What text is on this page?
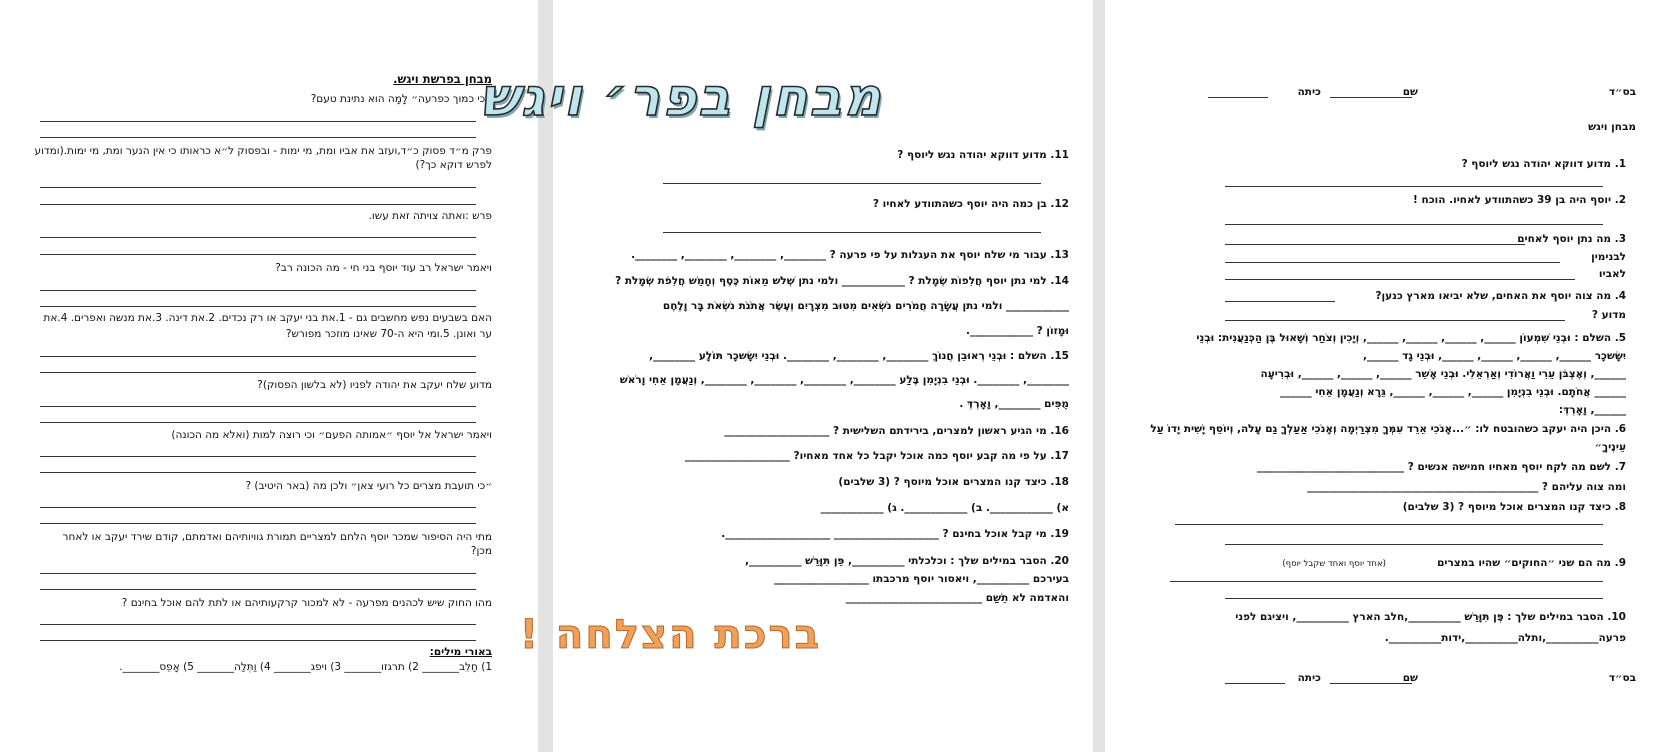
מבחן בפרשת ויגש.
״כי כמוך כפרעה״ לָמָה הוא נתינת טעם?
פרק מ״ד פסוק כ״ד,ועזב את אביו ומת, מי ימות - ובפסוק ל״א כראותו כי אין הנער ומת, מי ימות.(ומדוע
לפרש דוקא כך?)
פרש :ואתה צויתה זאת עשו.
ויאמר ישראל רב עוד יוסף בני חי - מה הכונה רב?
האם בשבעים נפש מחשבים גם - 1.את בני יעקב או רק נכדים. 2.את דינה. 3.את מנשה ואפרים. 4.את
ער ואונן. 5.ומי היא ה-70 שאינו מוזכר מפורש?
מדוע שלח יעקב את יהודה לפניו (לא בלשון הפסוק)?
ויאמר ישראל אל יוסף ״אמותה הפעם״ וכי רוצה למות (ואלא מה הכונה)
״כי תועבת מצרים כל רועי צאן״ ולכן מה (באר היטיב) ?
מתי היה הסיפור שמכר יוסף הלחם למצריים תמורת גוויותיהם ואדמתם, קודם שירד יעקב או לאחר
מכן?
מהו החוק שיש לכהנים מפרעה - לא למכור קרקעותיהם או לתת להם אוכל בחינם ?
באורי מילים:
1) חָלֵב_______ 2) תרגזו_______ 3) ויפג_______ 4) וַתְּלַה_______ 5) אָפֵס_______.
מבחן בפר׳ ויגש
11. מדוע דווקא יהודה נגש ליוסף ?
12. בן כמה היה יוסף כשהתוודע לאחיו ?
13. עבור מי שלח יוסף את העגלות על פי פרעה ? ________, ________, ________, ________.
14. למי נתן יוסף חֲלִפוֹת שְׂמָלֹת ? ____________ ולמי נתן שְׁלֹשׁ מֵאוֹת כֶּסֶף וְחָמֵשׁ חֲלִפֹת שְׂמָלֹת ?
____________ ולמי נתן עֲשָׂרָה חֲמֹרִים נֹשְׂאִים מִטּוּב מִצְרָיִם וְעֶשֶׂר אֲתֹנֹת נֹשְׂאֹת בָּר וָלֶחֶם
וּמָזוֹן ? ____________.
15. השלם : וּבְנֵי רְאוּבֵן חֲנוֹךְ ________, ________, ________. וּבְנֵי יִשָּׂשכָר תּוֹלָע ________,
________, ________. וּבְנֵי בִנְיָמִן בֶּלַע ________, ________, ________, ________, וְנַעֲמָן אֵחִי וָרֹאשׁ
מֻפִּים ________, וָאָרְדְּ .
16. מי הגיע ראשון למצרים, בירידתם השלישית ? ____________________
17. על פי מה קבע יוסף כמה אוכל יקבל כל אחד מאחיו? ____________________
18. כיצד קנו המצרים אוכל מיוסף ? (3 שלבים)
א) ____________. ב) ____________. ג) ____________
19. מי קבל אוכל בחינם ? ____________________ ____________________.
20. הסבר במילים שלך : וכלכלתי __________, פֵּן תִּוָּרֵשׁ __________,
בעירכם __________, ויאסור יוסף מרכבתו __________________
והאדמה לא תֵשַׁם __________________________
ברכת הצלחה !
בס״ד
שם
כיתה
מבחן ויגש
1. מדוע דווקא יהודה נגש ליוסף ?
2. יוסף היה בן 39 כשהתוודע לאחיו. הוכח !
3. מה נתן יוסף לאחים
לבנימין
לאביו
4. מה צוה יוסף את האחים, שלא יביאו מארץ כנען?
מדוע ?
5. השלם : וּבְנֵי שִׁמְעוֹן ______, ______, ______, ______, וְיָכִין וְצֹחַר וְשָׁאוּל בֶּן הַכְּנַעֲנִית: וּבְנֵי
יִשָּׂשכָר ______, ______, ______, ______, וּבְנֵי גָד ______,
______, וְאֶצְבֹּן עֵרִי וַאֲרוֹדִי וְאַרְאֵלִי. וּבְנֵי אָשֵׁר ______, ______, ______, וּבְרִיעָה
______ אֲחֹתָם. וּבְנֵי בִנְיָמִן ______, ______, ______, גֵּרָא וְנַעֲמָן אֵחִי ______
______, וָאָרְדְּ:
6. היכן היה יעקב כשהובטח לו: ״...אָנֹכִי אֵרֵד עִמְּךָ מִצְרַיְמָה וְאָנֹכִי אַעַלְךָ גַם עָלֹה, וְיוֹסֵף יָשִׁית יָדוֹ עַל
עֵינֶיךָ״
7. לשם מה לקח יוסף מאחיו חמישה אנשים ? ____________________________
ומה צוה עליהם ? ____________________________________________
8. כיצד קנו המצרים אוכל מיוסף ? (3 שלבים)
9. מה הם שני ״החוקים״ שהיו במצרים
(אחד יוסף ואחד שקבל יוסף)
10. הסבר במילים שלך : פֶּן תִּוָּרֵשׁ __________,חלב הארץ __________, ויציגם לפני
פרעה__________,ותלה__________,ידות__________.
בס״ד
שם
כיתה
